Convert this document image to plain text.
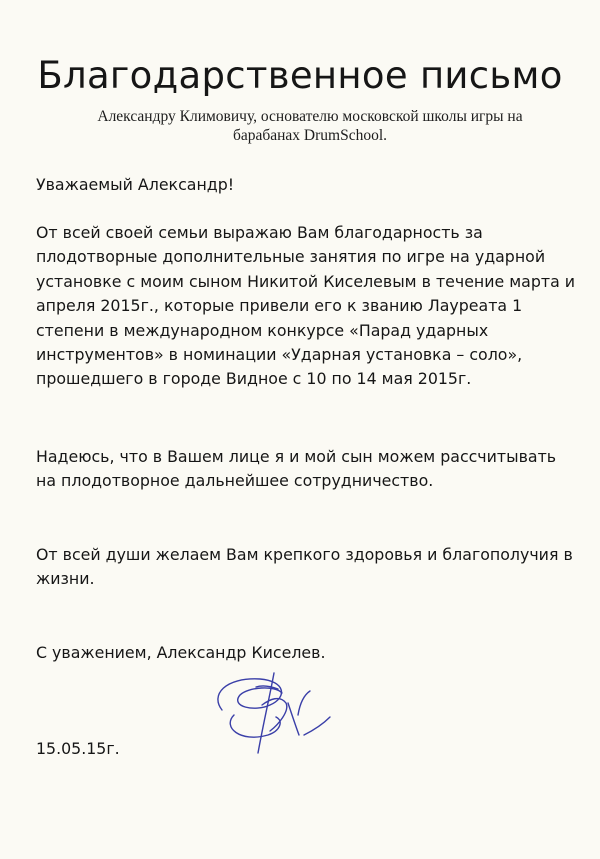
Благодарственное письмо
Александру Климовичу, основателю московской школы игры на барабанах DrumSchool.

Уважаемый Александр!

От всей своей семьи выражаю Вам благодарность за плодотворные дополнительные занятия по игре на ударной установке с моим сыном Никитой Киселевым в течение марта и апреля 2015г., которые привели его к званию Лауреата 1 степени в международном конкурсе «Парад ударных инструментов» в номинации «Ударная установка – соло», прошедшего в городе Видное с 10 по 14 мая 2015г.

Надеюсь, что в Вашем лице я и мой сын можем рассчитывать на плодотворное дальнейшее сотрудничество.

От всей души желаем Вам крепкого здоровья и благополучия в жизни.

С уважением, Александр Киселев.

15.05.15г.
